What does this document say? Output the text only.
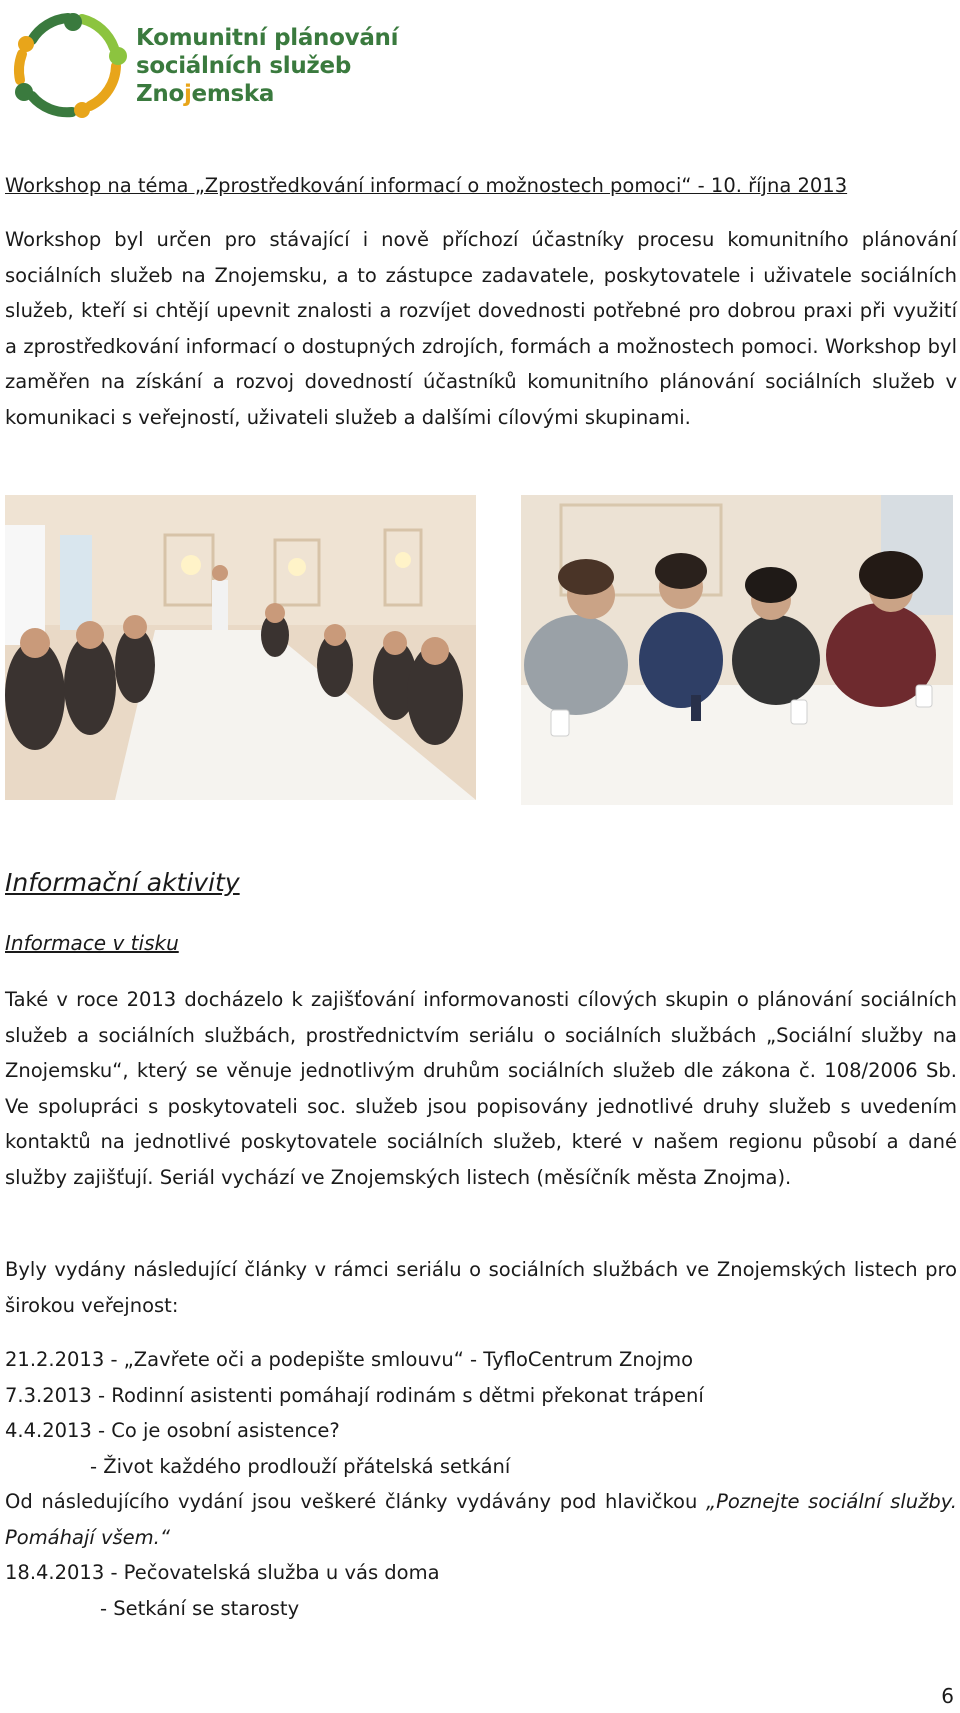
Komunitní plánování
sociálních služeb
Znojemska
Workshop na téma „Zprostředkování informací o možnostech pomoci“ - 10. října 2013
Workshop byl určen pro stávající i nově příchozí účastníky procesu komunitního plánování sociálních služeb na Znojemsku, a to zástupce zadavatele, poskytovatele i uživatele sociálních služeb, kteří si chtějí upevnit znalosti a rozvíjet dovednosti potřebné pro dobrou praxi při využití a zprostředkování informací o dostupných zdrojích, formách a možnostech pomoci. Workshop byl zaměřen na získání a rozvoj dovedností účastníků komunitního plánování sociálních služeb v komunikaci s veřejností, uživateli služeb a dalšími cílovými skupinami.
Informační aktivity
Informace v tisku
Také v roce 2013 docházelo k zajišťování informovanosti cílových skupin o plánování sociálních služeb a sociálních službách, prostřednictvím seriálu o sociálních službách „Sociální služby na Znojemsku“, který se věnuje jednotlivým druhům sociálních služeb dle zákona č. 108/2006 Sb. Ve spolupráci s poskytovateli soc. služeb jsou popisovány jednotlivé druhy služeb s uvedením kontaktů na jednotlivé poskytovatele sociálních služeb, které v našem regionu působí a dané služby zajišťují. Seriál vychází ve Znojemských listech (měsíčník města Znojma).
Byly vydány následující články v rámci seriálu o sociálních službách ve Znojemských listech pro širokou veřejnost:
21.2.2013 - „Zavřete oči a podepište smlouvu“ - TyfloCentrum Znojmo
7.3.2013 - Rodinní asistenti pomáhají rodinám s dětmi překonat trápení
4.4.2013 - Co je osobní asistence?
- Život každého prodlouží přátelská setkání
Od následujícího vydání jsou veškeré články vydávány pod hlavičkou „Poznejte sociální služby. Pomáhají všem.“
18.4.2013 - Pečovatelská služba u vás doma
- Setkání se starosty
6
